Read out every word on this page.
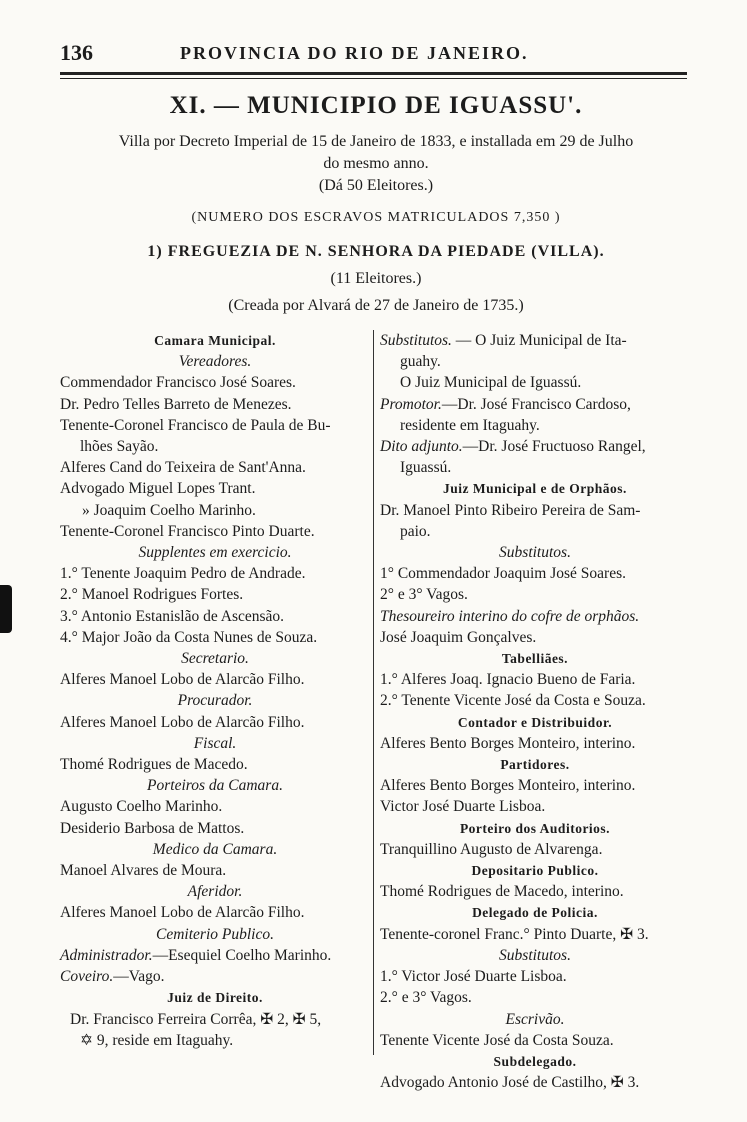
136	PROVINCIA DO RIO DE JANEIRO.
XI. — MUNICIPIO DE IGUASSU'.
Villa por Decreto Imperial de 15 de Janeiro de 1833, e installada em 29 de Julho
do mesmo anno.
(Dá 50 Eleitores.)
(NUMERO DOS ESCRAVOS MATRICULADOS 7,350 )
1) FREGUEZIA DE N. SENHORA DA PIEDADE (VILLA).
(11 Eleitores.)
(Creada por Alvará de 27 de Janeiro de 1735.)
Camara Municipal.
Vereadores.
Commendador Francisco José Soares.
Dr. Pedro Telles Barreto de Menezes.
Tenente-Coronel Francisco de Paula de Bu-
lhões Sayão.
Alferes Cand do Teixeira de Sant'Anna.
Advogado Miguel Lopes Trant.
» Joaquim Coelho Marinho.
Tenente-Coronel Francisco Pinto Duarte.
Supplentes em exercicio.
1.° Tenente Joaquim Pedro de Andrade.
2.° Manoel Rodrigues Fortes.
3.° Antonio Estanislão de Ascensão.
4.° Major João da Costa Nunes de Souza.
Secretario.
Alferes Manoel Lobo de Alarcão Filho.
Procurador.
Alferes Manoel Lobo de Alarcão Filho.
Fiscal.
Thomé Rodrigues de Macedo.
Porteiros da Camara.
Augusto Coelho Marinho.
Desiderio Barbosa de Mattos.
Medico da Camara.
Manoel Alvares de Moura.
Aferidor.
Alferes Manoel Lobo de Alarcão Filho.
Cemiterio Publico.
Administrador.—Esequiel Coelho Marinho.
Coveiro.—Vago.
Juiz de Direito.
Dr. Francisco Ferreira Corrêa, ✠ 2, ✠ 5,
✡ 9, reside em Itaguahy.
Substitutos. — O Juiz Municipal de Ita-
guahy.
O Juiz Municipal de Iguassú.
Promotor.—Dr. José Francisco Cardoso,
residente em Itaguahy.
Dito adjunto.—Dr. José Fructuoso Rangel,
Iguassú.
Juiz Municipal e de Orphãos.
Dr. Manoel Pinto Ribeiro Pereira de Sam-
paio.
Substitutos.
1° Commendador Joaquim José Soares.
2° e 3° Vagos.
Thesoureiro interino do cofre de orphãos.
José Joaquim Gonçalves.
Tabelliães.
1.° Alferes Joaq. Ignacio Bueno de Faria.
2.° Tenente Vicente José da Costa e Souza.
Contador e Distribuidor.
Alferes Bento Borges Monteiro, interino.
Partidores.
Alferes Bento Borges Monteiro, interino.
Victor José Duarte Lisboa.
Porteiro dos Auditorios.
Tranquillino Augusto de Alvarenga.
Depositario Publico.
Thomé Rodrigues de Macedo, interino.
Delegado de Policia.
Tenente-coronel Franc.° Pinto Duarte, ✠ 3.
Substitutos.
1.° Victor José Duarte Lisboa.
2.° e 3° Vagos.
Escrivão.
Tenente Vicente José da Costa Souza.
Subdelegado.
Advogado Antonio José de Castilho, ✠ 3.
